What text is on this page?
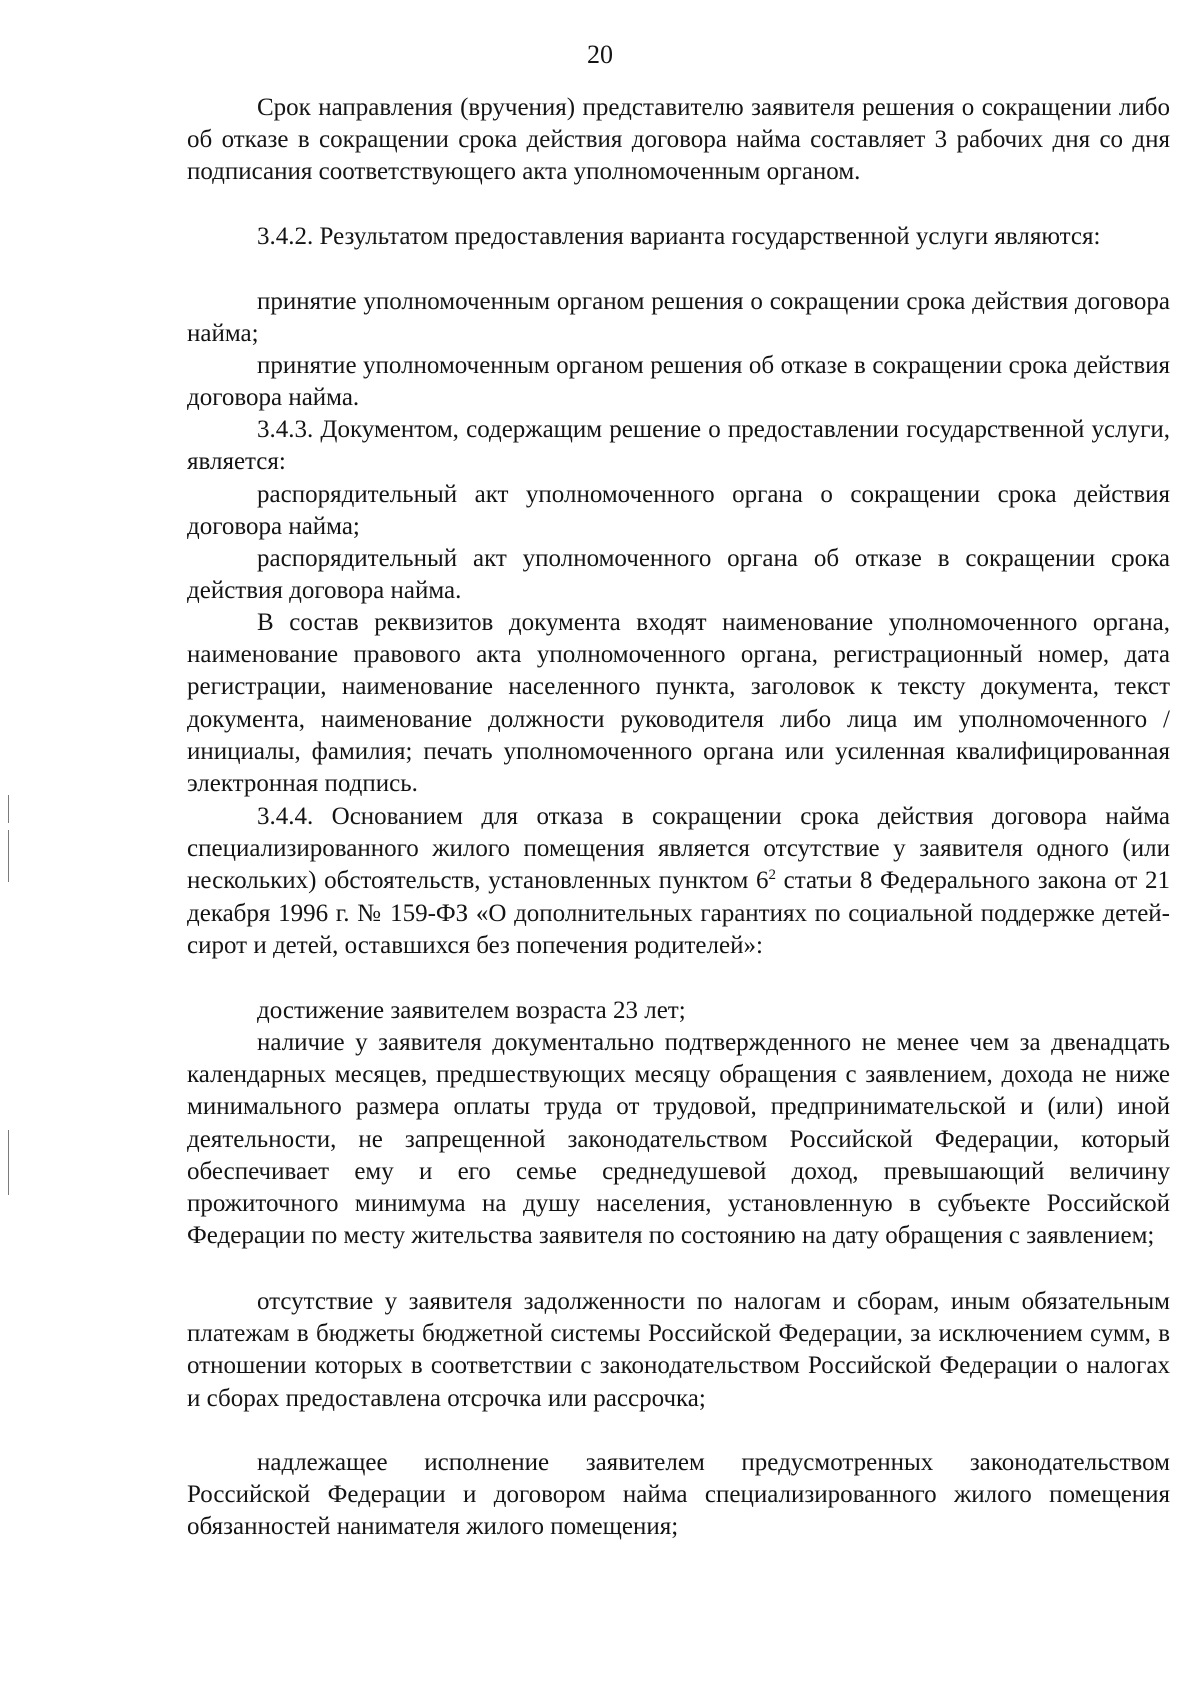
20

Срок направления (вручения) представителю заявителя решения о сокращении либо об отказе в сокращении срока действия договора найма составляет 3 рабочих дня со дня подписания соответствующего акта уполномоченным органом.

3.4.2. Результатом предоставления варианта государственной услуги являются:

принятие уполномоченным органом решения о сокращении срока действия договора найма;

принятие уполномоченным органом решения об отказе в сокращении срока действия договора найма.

3.4.3. Документом, содержащим решение о предоставлении государственной услуги, является:

распорядительный акт уполномоченного органа о сокращении срока действия договора найма;

распорядительный акт уполномоченного органа об отказе в сокращении срока действия договора найма.

В состав реквизитов документа входят наименование уполномоченного органа, наименование правового акта уполномоченного органа, регистрационный номер, дата регистрации, наименование населенного пункта, заголовок к тексту документа, текст документа, наименование должности руководителя либо лица им уполномоченного / инициалы, фамилия; печать уполномоченного органа или усиленная квалифицированная электронная подпись.

3.4.4. Основанием для отказа в сокращении срока действия договора найма специализированного жилого помещения является отсутствие у заявителя одного (или нескольких) обстоятельств, установленных пунктом $6^2$ статьи 8 Федерального закона от 21 декабря 1996 г. № 159-ФЗ «О дополнительных гарантиях по социальной поддержке детей-сирот и детей, оставшихся без попечения родителей»:

достижение заявителем возраста 23 лет;

наличие у заявителя документально подтвержденного не менее чем за двенадцать календарных месяцев, предшествующих месяцу обращения с заявлением, дохода не ниже минимального размера оплаты труда от трудовой, предпринимательской и (или) иной деятельности, не запрещенной законодательством Российской Федерации, который обеспечивает ему и его семье среднедушевой доход, превышающий величину прожиточного минимума на душу населения, установленную в субъекте Российской Федерации по месту жительства заявителя по состоянию на дату обращения с заявлением;

отсутствие у заявителя задолженности по налогам и сборам, иным обязательным платежам в бюджеты бюджетной системы Российской Федерации, за исключением сумм, в отношении которых в соответствии с законодательством Российской Федерации о налогах и сборах предоставлена отсрочка или рассрочка;

надлежащее исполнение заявителем предусмотренных законодательством Российской Федерации и договором найма специализированного жилого помещения обязанностей нанимателя жилого помещения;
